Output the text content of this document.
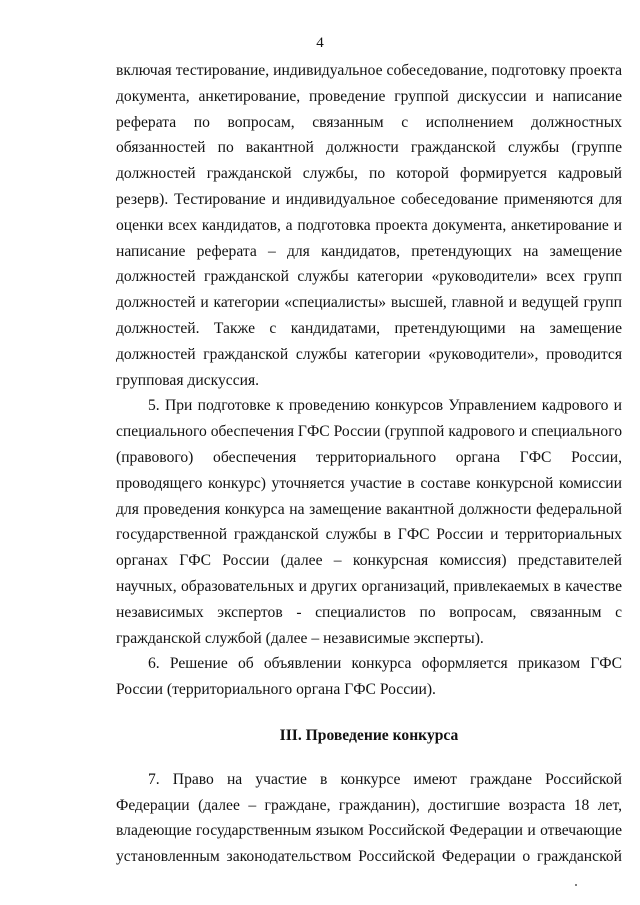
4

включая тестирование, индивидуальное собеседование, подготовку проекта документа, анкетирование, проведение группой дискуссии и написание реферата по вопросам, связанным с исполнением должностных обязанностей по вакантной должности гражданской службы (группе должностей гражданской службы, по которой формируется кадровый резерв). Тестирование и индивидуальное собеседование применяются для оценки всех кандидатов, а подготовка проекта документа, анкетирование и написание реферата – для кандидатов, претендующих на замещение должностей гражданской службы категории «руководители» всех групп должностей и категории «специалисты» высшей, главной и ведущей групп должностей. Также с кандидатами, претендующими на замещение должностей гражданской службы категории «руководители», проводится групповая дискуссия.

5. При подготовке к проведению конкурсов Управлением кадрового и специального обеспечения ГФС России (группой кадрового и специального (правового) обеспечения территориального органа ГФС России, проводящего конкурс) уточняется участие в составе конкурсной комиссии для проведения конкурса на замещение вакантной должности федеральной государственной гражданской службы в ГФС России и территориальных органах ГФС России (далее – конкурсная комиссия) представителей научных, образовательных и других организаций, привлекаемых в качестве независимых экспертов - специалистов по вопросам, связанным с гражданской службой (далее – независимые эксперты).

6. Решение об объявлении конкурса оформляется приказом ГФС России (территориального органа ГФС России).

III. Проведение конкурса

7. Право на участие в конкурсе имеют граждане Российской Федерации (далее – граждане, гражданин), достигшие возраста 18 лет, владеющие государственным языком Российской Федерации и отвечающие установленным законодательством Российской Федерации о гражданской
